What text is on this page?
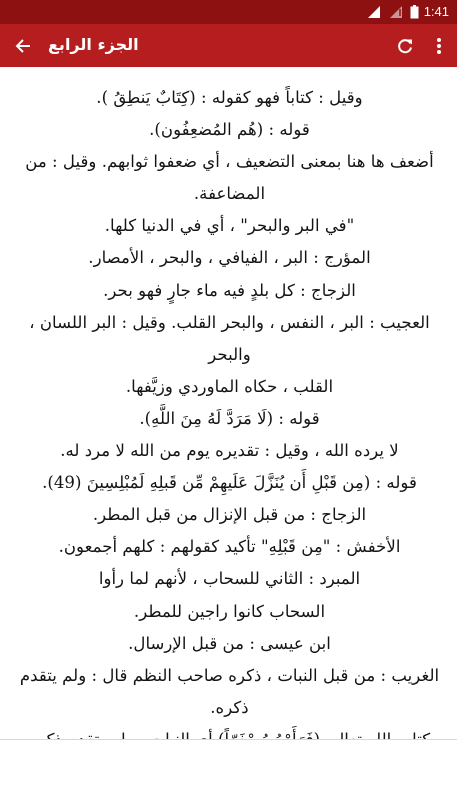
1:41
الجزء الرابع

وقيل : كتاباً فهو كقوله : (كِتَابٌ يَنطِقُ ).

قوله : (هُم المُضعِفُون).

أضعف ها هنا بمعنى التضعيف ، أي ضعفوا ثوابهم. وقيل : من المضاعفة.

"في البر والبحر" ، أي في الدنيا كلها.

المؤرج : البر ، الفيافي ، والبحر ، الأمصار.

الزجاج : كل بلدٍ فيه ماء جارٍ فهو بحر.

العجيب : البر ، النفس ، والبحر القلب. وقيل : البر اللسان ، والبحر

القلب ، حكاه الماوردي وزيَّفها.

قوله : (لَا مَرَدَّ لَهُ مِنَ اللَّهِ).

لا يرده الله ، وقيل : تقديره يوم من الله لا مرد له.

قوله : (مِن قَبْلِ أَن يُنَزَّلَ عَلَيهِمْ مِّن قَبلِهِ لَمُبْلِسِينَ (49).

الزجاج : من قبل الإنزال من قبل المطر.

الأخفش : "مِن قَبْلِهِ" تأكيد كقولهم : كلهم أجمعون.

المبرد : الثاني للسحاب ، لأنهم لما رأوا

السحاب كانوا راجين للمطر.

ابن عيسى : من قبل الإرسال.

الغريب : من قبل النبات ، ذكره صاحب النظم قال : ولم يتقدم ذكره.
